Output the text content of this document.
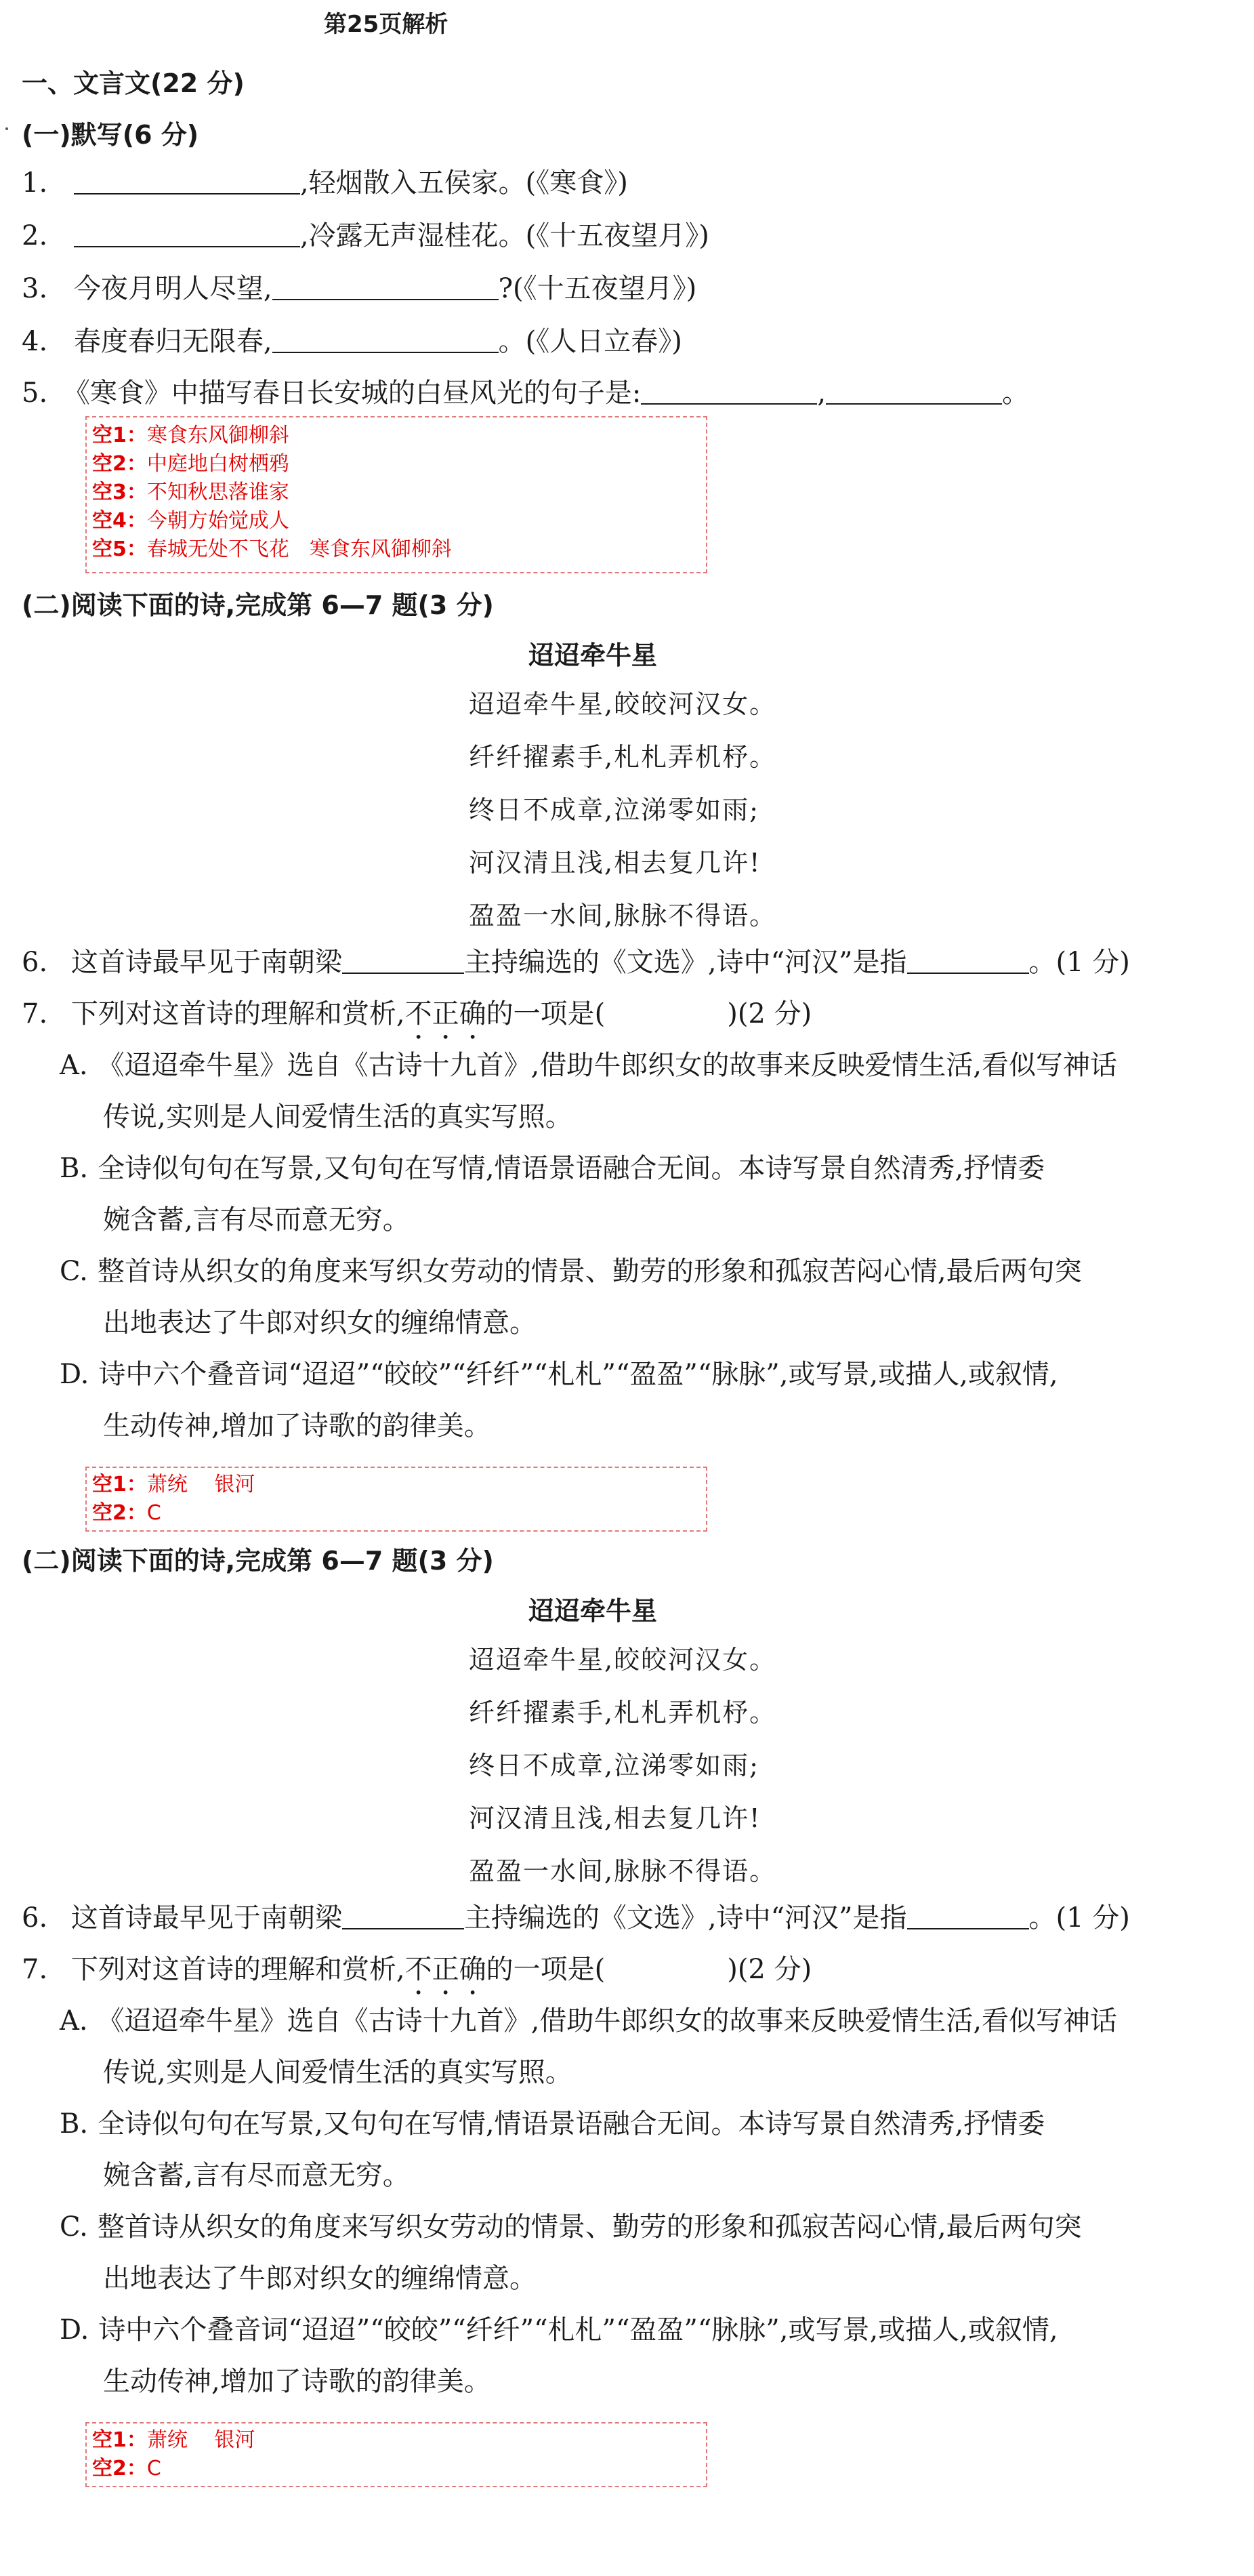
第25页解析
一、文言文(22 分)
(一)默写(6 分)
1.	,轻烟散入五侯家。(《寒食》)
2.	,冷露无声湿桂花。(《十五夜望月》)
3. 今夜月明人尽望,	?(《十五夜望月》)
4. 春度春归无限春,	。(《人日立春》)
5. 《寒食》中描写春日长安城的白昼风光的句子是:	,	。
空1：寒食东风御柳斜
空2：中庭地白树栖鸦
空3：不知秋思落谁家
空4：今朝方始觉成人
空5：春城无处不飞花　寒食东风御柳斜
(二)阅读下面的诗,完成第 6—7 题(3 分)
迢迢牵牛星
迢迢牵牛星,皎皎河汉女。
纤纤擢素手,札札弄机杼。
终日不成章,泣涕零如雨;
河汉清且浅,相去复几许!
盈盈一水间,脉脉不得语。
6. 这首诗最早见于南朝梁	主持编选的《文选》,诗中“河汉”是指	。(1 分)
7. 下列对这首诗的理解和赏析,不正确的一项是(	)(2 分)
A. 《迢迢牵牛星》选自《古诗十九首》,借助牛郎织女的故事来反映爱情生活,看似写神话
传说,实则是人间爱情生活的真实写照。
B. 全诗似句句在写景,又句句在写情,情语景语融合无间。本诗写景自然清秀,抒情委
婉含蓄,言有尽而意无穷。
C. 整首诗从织女的角度来写织女劳动的情景、勤劳的形象和孤寂苦闷心情,最后两句突
出地表达了牛郎对织女的缠绵情意。
D. 诗中六个叠音词“迢迢”“皎皎”“纤纤”“札札”“盈盈”“脉脉”,或写景,或描人,或叙情,
生动传神,增加了诗歌的韵律美。
空1：萧统　 银河
空2：C
(二)阅读下面的诗,完成第 6—7 题(3 分)
迢迢牵牛星
迢迢牵牛星,皎皎河汉女。
纤纤擢素手,札札弄机杼。
终日不成章,泣涕零如雨;
河汉清且浅,相去复几许!
盈盈一水间,脉脉不得语。
6. 这首诗最早见于南朝梁	主持编选的《文选》,诗中“河汉”是指	。(1 分)
7. 下列对这首诗的理解和赏析,不正确的一项是(	)(2 分)
A. 《迢迢牵牛星》选自《古诗十九首》,借助牛郎织女的故事来反映爱情生活,看似写神话
传说,实则是人间爱情生活的真实写照。
B. 全诗似句句在写景,又句句在写情,情语景语融合无间。本诗写景自然清秀,抒情委
婉含蓄,言有尽而意无穷。
C. 整首诗从织女的角度来写织女劳动的情景、勤劳的形象和孤寂苦闷心情,最后两句突
出地表达了牛郎对织女的缠绵情意。
D. 诗中六个叠音词“迢迢”“皎皎”“纤纤”“札札”“盈盈”“脉脉”,或写景,或描人,或叙情,
生动传神,增加了诗歌的韵律美。
空1：萧统　 银河
空2：C
